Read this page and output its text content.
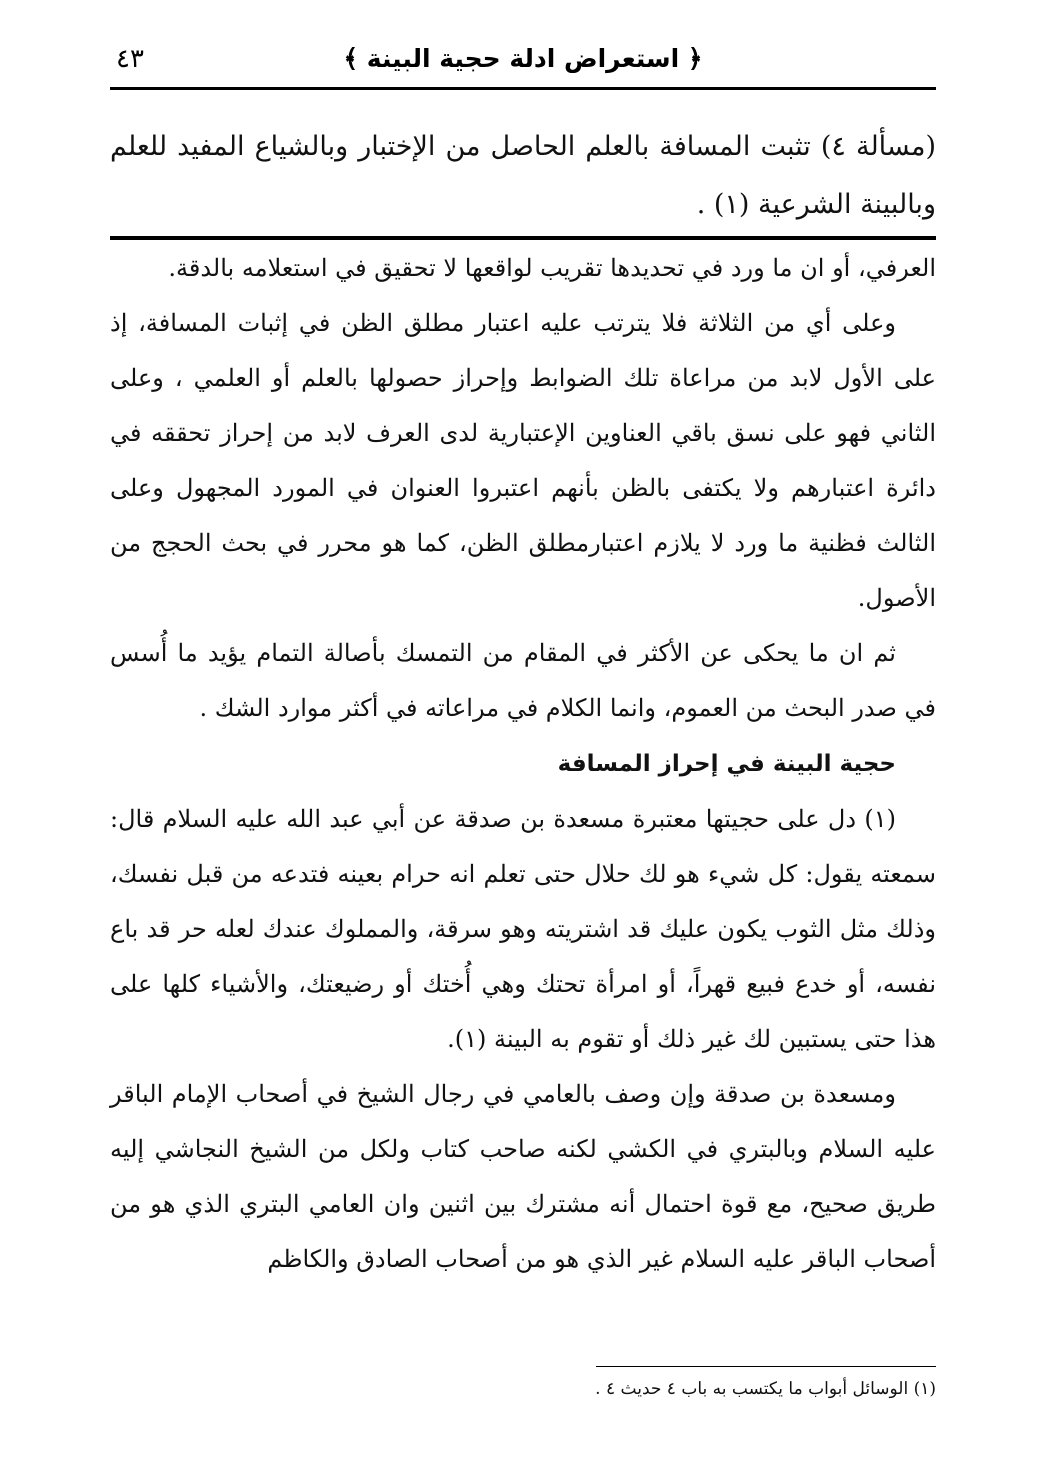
﴿ استعراض ادلة حجية البينة ﴾
٤٣
(مسألة ٤) تثبت المسافة بالعلم الحاصل من الإختبار وبالشياع المفيد للعلم وبالبينة الشرعية (١) .

العرفي، أو ان ما ورد في تحديدها تقريب لواقعها لا تحقيق في استعلامه بالدقة.

وعلى أي من الثلاثة فلا يترتب عليه اعتبار مطلق الظن في إثبات المسافة، إذ على الأول لابد من مراعاة تلك الضوابط وإحراز حصولها بالعلم أو العلمي ، وعلى الثاني فهو على نسق باقي العناوين الإعتبارية لدى العرف لابد من إحراز تحققه في دائرة اعتبارهم ولا يكتفى بالظن بأنهم اعتبروا العنوان في المورد المجهول وعلى الثالث فظنية ما ورد لا يلازم اعتبارمطلق الظن، كما هو محرر في بحث الحجج من الأصول.

ثم ان ما يحكى عن الأكثر في المقام من التمسك بأصالة التمام يؤيد ما أُسس في صدر البحث من العموم، وانما الكلام في مراعاته في أكثر موارد الشك .

حجية البينة في إحراز المسافة

(١) دل على حجيتها معتبرة مسعدة بن صدقة عن أبي عبد الله عليه السلام قال: سمعته يقول: كل شيء هو لك حلال حتى تعلم انه حرام بعينه فتدعه من قبل نفسك، وذلك مثل الثوب يكون عليك قد اشتريته وهو سرقة، والمملوك عندك لعله حر قد باع نفسه، أو خدع فبيع قهراً، أو امرأة تحتك وهي أُختك أو رضيعتك، والأشياء كلها على هذا حتى يستبين لك غير ذلك أو تقوم به البينة (١).

ومسعدة بن صدقة وإن وصف بالعامي في رجال الشيخ في أصحاب الإمام الباقر عليه السلام وبالبتري في الكشي لكنه صاحب كتاب ولكل من الشيخ النجاشي إليه طريق صحيح، مع قوة احتمال أنه مشترك بين اثنين وان العامي البتري الذي هو من أصحاب الباقر عليه السلام غير الذي هو من أصحاب الصادق والكاظم

(١) الوسائل أبواب ما يكتسب به باب ٤ حديث ٤ .
